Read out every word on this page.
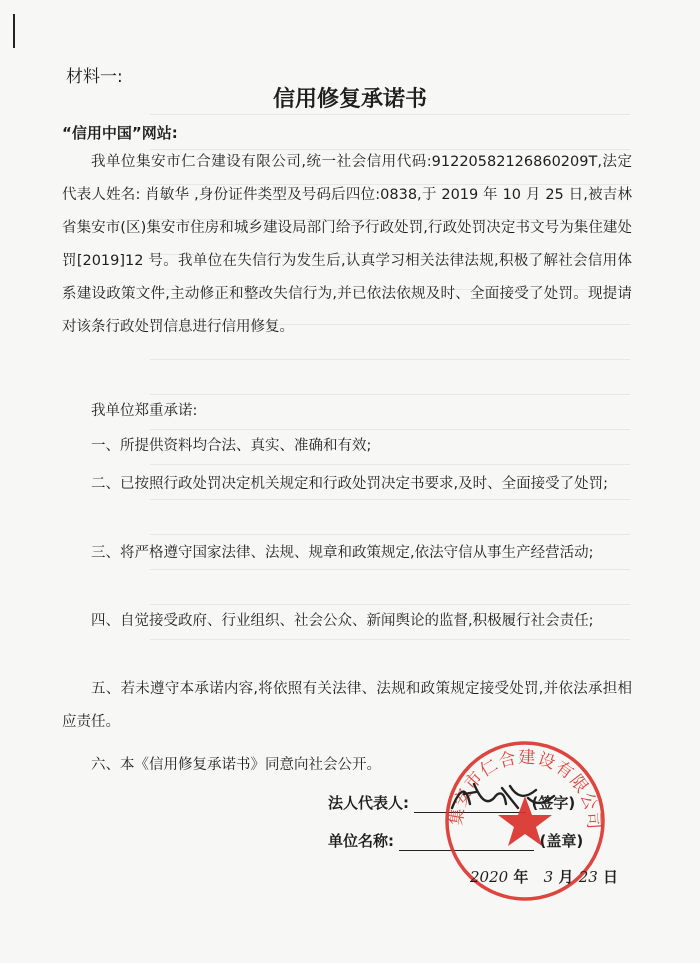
材料一:
信用修复承诺书
“信用中国”网站:
我单位集安市仁合建设有限公司,统一社会信用代码:91220582126860209T,法定代表人姓名: 肖敏华 ,身份证件类型及号码后四位:0838,于 2019 年 10 月 25 日,被吉林省集安市(区)集安市住房和城乡建设局部门给予行政处罚,行政处罚决定书文号为集住建处罚[2019]12 号。我单位在失信行为发生后,认真学习相关法律法规,积极了解社会信用体系建设政策文件,主动修正和整改失信行为,并已依法依规及时、全面接受了处罚。现提请对该条行政处罚信息进行信用修复。
我单位郑重承诺:
一、所提供资料均合法、真实、准确和有效;
二、已按照行政处罚决定机关规定和行政处罚决定书要求,及时、全面接受了处罚;
三、将严格遵守国家法律、法规、规章和政策规定,依法守信从事生产经营活动;
四、自觉接受政府、行业组织、社会公众、新闻舆论的监督,积极履行社会责任;
五、若未遵守本承诺内容,将依照有关法律、法规和政策规定接受处罚,并依法承担相应责任。
六、本《信用修复承诺书》同意向社会公开。
法人代表人:	(签字)
单位名称:	(盖章)
集安市仁合建设有限公司
2020 年 3 月 23 日
